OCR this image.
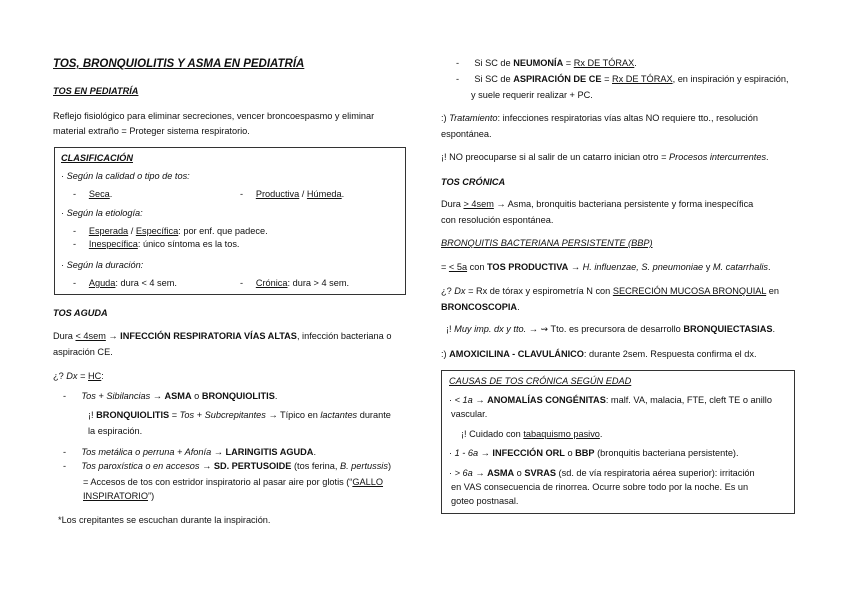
TOS, BRONQUIOLITIS Y ASMA EN PEDIATRÍA
TOS EN PEDIATRÍA
Reflejo fisiológico para eliminar secreciones, vencer broncoespasmo y eliminar
material extraño = Proteger sistema respiratorio.
CLASIFICACIÓN
· Según la calidad o tipo de tos:
-     Seca.	-     Productiva / Húmeda.
· Según la etiología:
-     Esperada / Específica: por enf. que padece.
-     Inespecífica: único síntoma es la tos.
· Según la duración:
-     Aguda: dura < 4 sem.	-     Crónica: dura > 4 sem.
TOS AGUDA
Dura < 4sem → INFECCIÓN RESPIRATORIA VÍAS ALTAS, infección bacteriana o
aspiración CE.
¿? Dx = HC:
-      Tos + Sibilancias → ASMA o BRONQUIOLITIS.
¡! BRONQUIOLITIS = Tos + Subcrepitantes → Típico en lactantes durante
la espiración.
-      Tos metálica o perruna + Afonía → LARINGITIS AGUDA.
-      Tos paroxística o en accesos → SD. PERTUSOIDE (tos ferina, B. pertussis)
= Accesos de tos con estridor inspiratorio al pasar aire por glotis (“GALLO
INSPIRATORIO”)
*Los crepitantes se escuchan durante la inspiración.
-      Si SC de NEUMONÍA = Rx DE TÓRAX.
-      Si SC de ASPIRACIÓN DE CE = Rx DE TÓRAX, en inspiración y espiración,
y suele requerir realizar + PC.
:) Tratamiento: infecciones respiratorias vías altas NO requiere tto., resolución
espontánea.
¡! NO preocuparse si al salir de un catarro inician otro = Procesos intercurrentes.
TOS CRÓNICA
Dura > 4sem → Asma, bronquitis bacteriana persistente y forma inespecífica
con resolución espontánea.
BRONQUITIS BACTERIANA PERSISTENTE (BBP)
= < 5a con TOS PRODUCTIVA → H. influenzae, S. pneumoniae y M. catarrhalis.
¿? Dx = Rx de tórax y espirometría N con SECRECIÓN MUCOSA BRONQUIAL en
BRONCOSCOPIA.
¡! Muy imp. dx y tto. → ⇝ Tto. es precursora de desarrollo BRONQUIECTASIAS.
:) AMOXICILINA - CLAVULÁNICO: durante 2sem. Respuesta confirma el dx.
CAUSAS DE TOS CRÓNICA SEGÚN EDAD
· < 1a → ANOMALÍAS CONGÉNITAS: malf. VA, malacia, FTE, cleft TE o anillo
vascular.
¡! Cuidado con tabaquismo pasivo.
· 1 - 6a → INFECCIÓN ORL o BBP (bronquitis bacteriana persistente).
· > 6a → ASMA o SVRAS (sd. de vía respiratoria aérea superior): irritación
en VAS consecuencia de rinorrea. Ocurre sobre todo por la noche. Es un
goteo postnasal.
